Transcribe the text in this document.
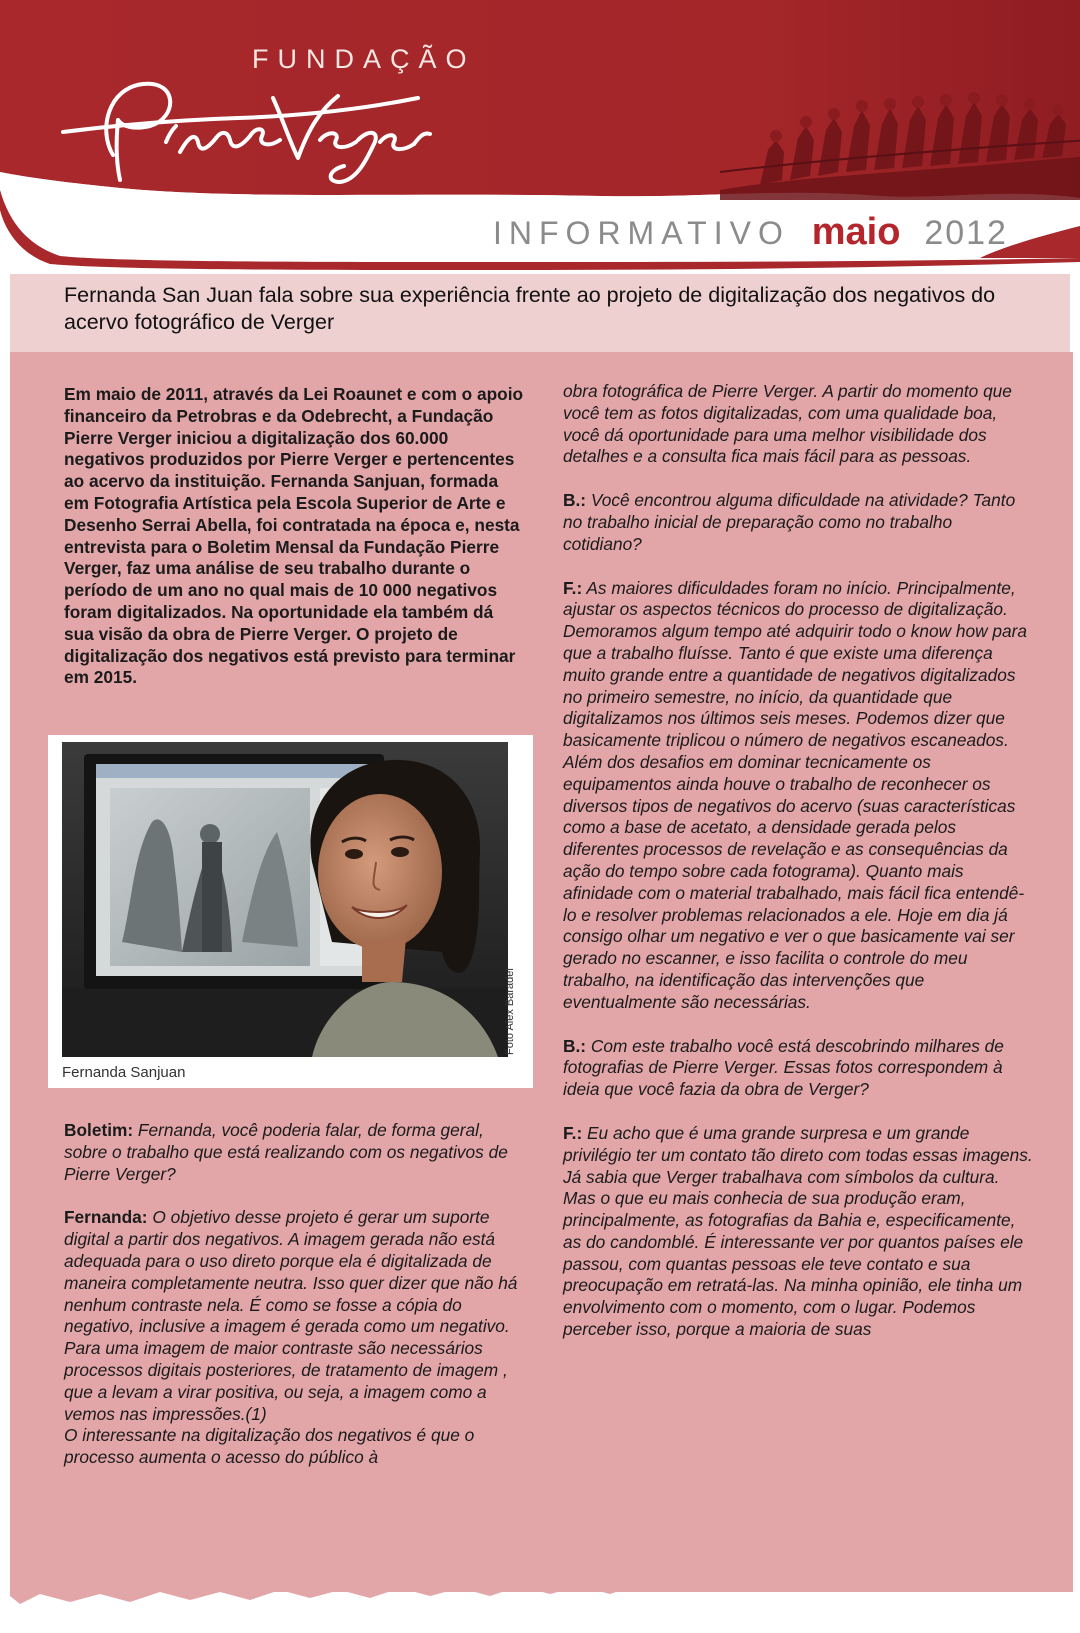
FUNDAÇÃO
INFORMATIVO maio 2012
Fernanda San Juan fala sobre sua experiência frente ao projeto de digitalização dos negativos do acervo fotográfico de Verger
Em maio de 2011, através da Lei Roaunet e com o apoio financeiro da Petrobras e da Odebrecht, a Fundação Pierre Verger iniciou a digitalização dos 60.000 negativos produzidos por Pierre Verger e pertencentes ao acervo da instituição. Fernanda Sanjuan, formada em Fotografia Artística pela Escola Superior de Arte e Desenho Serrai Abella, foi contratada na época e, nesta entrevista para o Boletim Mensal da Fundação Pierre Verger, faz uma análise de seu trabalho durante o período de um ano no qual mais de 10 000 negativos foram digitalizados. Na oportunidade ela também dá sua visão da obra de Pierre Verger. O projeto de digitalização dos negativos está previsto para terminar em 2015.
Foto Alex Baradel
Fernanda Sanjuan

Boletim: Fernanda, você poderia falar, de forma geral, sobre o trabalho que está realizando com os negativos de Pierre Verger?

Fernanda: O objetivo desse projeto é gerar um suporte digital a partir dos negativos. A imagem gerada não está adequada para o uso direto porque ela é digitalizada de maneira completamente neutra. Isso quer dizer que não há nenhum contraste nela. É como se fosse a cópia do negativo, inclusive a imagem é gerada como um negativo. Para uma imagem de maior contraste são necessários processos digitais posteriores, de tratamento de imagem , que a levam a virar positiva, ou seja, a imagem como a vemos nas impressões.(1)

O interessante na digitalização dos negativos é que o processo aumenta o acesso do público à

obra fotográfica de Pierre Verger. A partir do momento que você tem as fotos digitalizadas, com uma qualidade boa, você dá oportunidade para uma melhor visibilidade dos detalhes e a consulta fica mais fácil para as pessoas.

B.: Você encontrou alguma dificuldade na atividade? Tanto no trabalho inicial de preparação como no trabalho cotidiano?

F.: As maiores dificuldades foram no início. Principalmente, ajustar os aspectos técnicos do processo de digitalização. Demoramos algum tempo até adquirir todo o know how para que a trabalho fluísse. Tanto é que existe uma diferença muito grande entre a quantidade de negativos digitalizados no primeiro semestre, no início, da quantidade que digitalizamos nos últimos seis meses. Podemos dizer que basicamente triplicou o número de negativos escaneados.

Além dos desafios em dominar tecnicamente os equipamentos ainda houve o trabalho de reconhecer os diversos tipos de negativos do acervo (suas características como a base de acetato, a densidade gerada pelos diferentes processos de revelação e as consequências da ação do tempo sobre cada fotograma). Quanto mais afinidade com o material trabalhado, mais fácil fica entendê-lo e resolver problemas relacionados a ele. Hoje em dia já consigo olhar um negativo e ver o que basicamente vai ser gerado no escanner, e isso facilita o controle do meu trabalho, na identificação das intervenções que eventualmente são necessárias.

B.: Com este trabalho você está descobrindo milhares de fotografias de Pierre Verger. Essas fotos correspondem à ideia que você fazia da obra de Verger?

F.: Eu acho que é uma grande surpresa e um grande privilégio ter um contato tão direto com todas essas imagens. Já sabia que Verger trabalhava com símbolos da cultura. Mas o que eu mais conhecia de sua produção eram, principalmente, as fotografias da Bahia e, especificamente, as do candomblé. É interessante ver por quantos países ele passou, com quantas pessoas ele teve contato e sua preocupação em retratá-las. Na minha opinião, ele tinha um envolvimento com o momento, com o lugar. Podemos perceber isso, porque a maioria de suas
